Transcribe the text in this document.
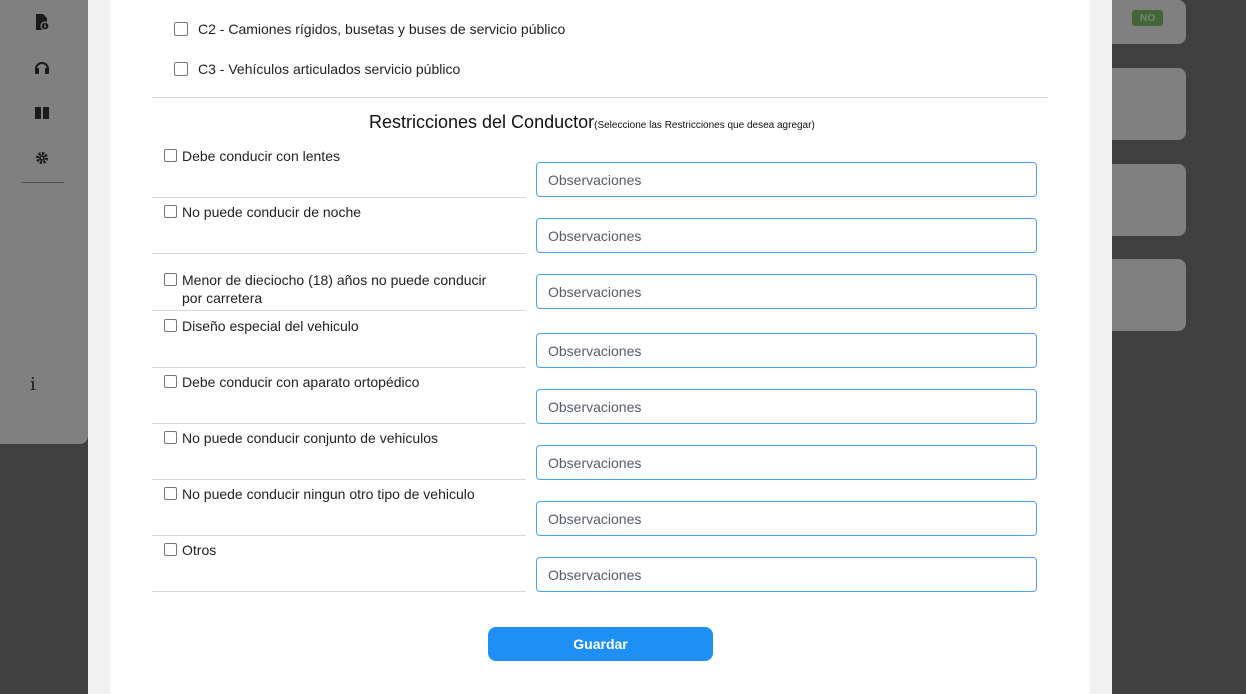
i
NO
C2 - Camiones rígidos, busetas y buses de servicio público
C3 - Vehículos articulados servicio público
Restricciones del Conductor(Seleccione las Restricciones que desea agregar)
Debe conducir con lentes
Observaciones
No puede conducir de noche
Observaciones
Menor de dieciocho (18) años no puede conducir por carretera
Observaciones
Diseño especial del vehiculo
Observaciones
Debe conducir con aparato ortopédico
Observaciones
No puede conducir conjunto de vehiculos
Observaciones
No puede conducir ningun otro tipo de vehiculo
Observaciones
Otros
Observaciones
Guardar
